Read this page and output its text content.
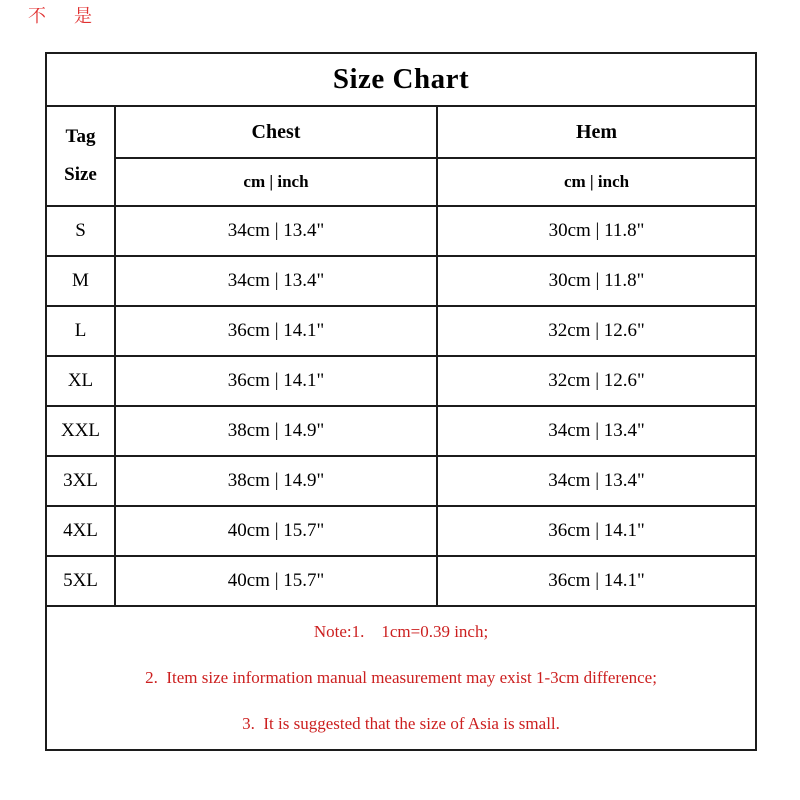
不 是
Size Chart		

Tag
Size	Chest	Hem
	cm | inch	cm | inch
S	34cm | 13.4"	30cm | 11.8"
M	34cm | 13.4"	30cm | 11.8"
L	36cm | 14.1"	32cm | 12.6"
XL	36cm | 14.1"	32cm | 12.6"
XXL	38cm | 14.9"	34cm | 13.4"
3XL	38cm | 14.9"	34cm | 13.4"
4XL	40cm | 15.7"	36cm | 14.1"
5XL	40cm | 15.7"	36cm | 14.1"

Note:1.    1cm=0.39 inch;

2.  Item size information manual measurement may exist 1-3cm difference;

3.  It is suggested that the size of Asia is small.		
